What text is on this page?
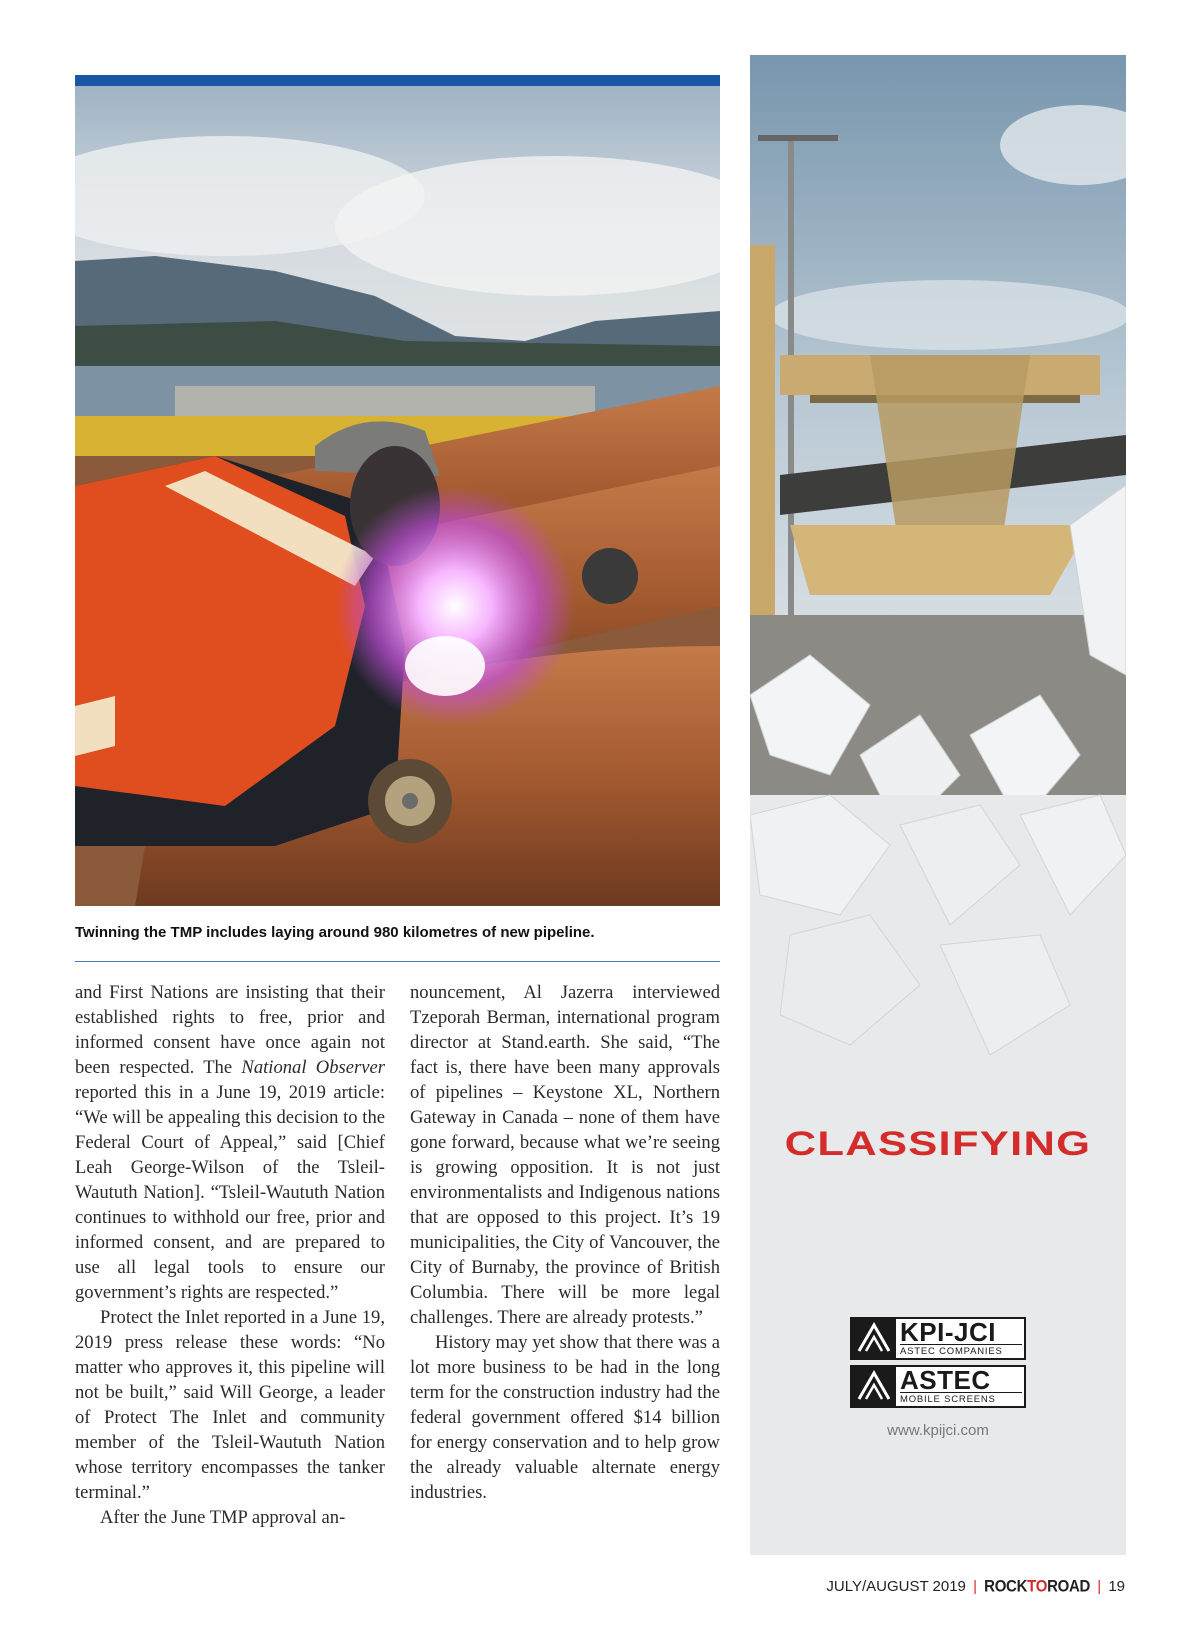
Twinning the TMP includes laying around 980 kilometres of new pipeline.

and First Nations are insisting that their established rights to free, prior and informed consent have once again not been respected. The National Observer reported this in a June 19, 2019 article: “We will be appealing this decision to the Federal Court of Appeal,” said [Chief Leah George-Wilson of the Tsleil-Waututh Nation]. “Tsleil-Waututh Nation continues to withhold our free, prior and informed consent, and are prepared to use all legal tools to ensure our government’s rights are respected.”

Protect the Inlet reported in a June 19, 2019 press release these words: “No matter who approves it, this pipeline will not be built,” said Will George, a leader of Protect The Inlet and community member of the Tsleil-Waututh Nation whose territory encompasses the tanker terminal.”

After the June TMP approval an-

nouncement, Al Jazerra interviewed Tzeporah Berman, international program director at Stand.earth. She said, “The fact is, there have been many approvals of pipelines – Keystone XL, Northern Gateway in Canada – none of them have gone forward, because what we’re seeing is growing opposition. It is not just environmentalists and Indigenous nations that are opposed to this project. It’s 19 municipalities, the City of Vancouver, the City of Burnaby, the province of British Columbia. There will be more legal challenges. There are already protests.”

History may yet show that there was a lot more business to be had in the long term for the construction industry had the federal government offered $14 billion for energy conservation and to help grow the already valuable alternate energy industries.

CLASSIFYING
KPI-JCI
ASTEC COMPANIES
ASTEC
MOBILE SCREENS
www.kpijci.com
JULY/AUGUST 2019 | ROCKTOROAD | 19
